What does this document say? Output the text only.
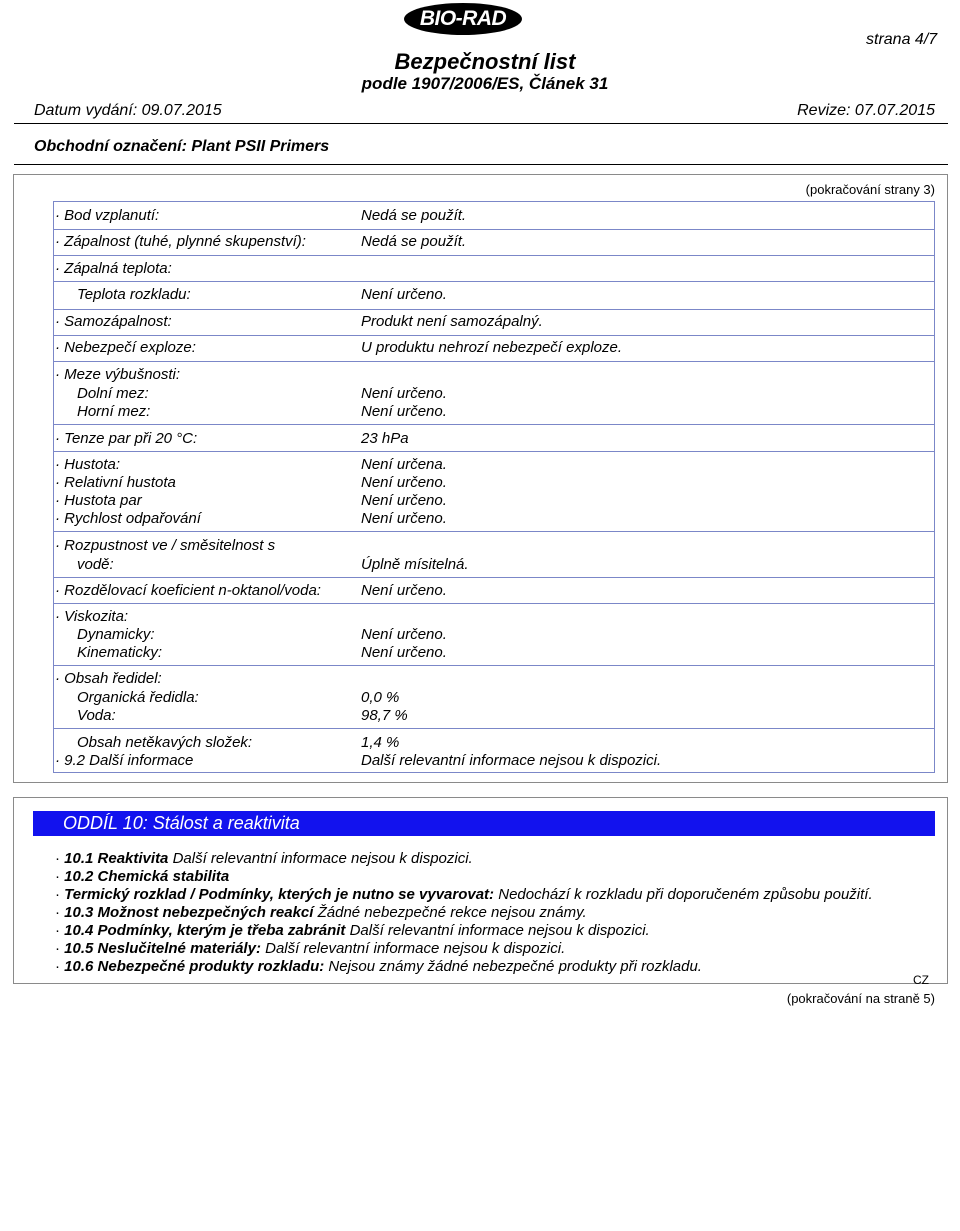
BIO-RAD
strana 4/7
Bezpečnostní list
podle 1907/2006/ES, Článek 31
Datum vydání: 09.07.2015	Revize: 07.07.2015
Obchodní označení: Plant PSII Primers
(pokračování strany 3)
· Bod vzplanutí:	Nedá se použít.
· Zápalnost (tuhé, plynné skupenství):	Nedá se použít.
· Zápalná teplota:
Teplota rozkladu:	Není určeno.
· Samozápalnost:	Produkt není samozápalný.
· Nebezpečí exploze:	U produktu nehrozí nebezpečí exploze.
· Meze výbušnosti:
Dolní mez:	Není určeno.
Horní mez:	Není určeno.
· Tenze par při 20 °C:	23 hPa
· Hustota:	Není určena.
· Relativní hustota	Není určeno.
· Hustota par	Není určeno.
· Rychlost odpařování	Není určeno.
· Rozpustnost ve / směsitelnost s
vodě:	Úplně mísitelná.
· Rozdělovací koeficient n-oktanol/voda:	Není určeno.
· Viskozita:
Dynamicky:	Není určeno.
Kinematicky:	Není určeno.
· Obsah ředidel:
Organická ředidla:	0,0 %
Voda:	98,7 %
Obsah netěkavých složek:	1,4 %
· 9.2 Další informace	Další relevantní informace nejsou k dispozici.
ODDÍL 10: Stálost a reaktivita
· 10.1 Reaktivita Další relevantní informace nejsou k dispozici.
· 10.2 Chemická stabilita
· Termický rozklad / Podmínky, kterých je nutno se vyvarovat: Nedochází k rozkladu při doporučeném způsobu použití.
· 10.3 Možnost nebezpečných reakcí Žádné nebezpečné rekce nejsou známy.
· 10.4 Podmínky, kterým je třeba zabránit Další relevantní informace nejsou k dispozici.
· 10.5 Neslučitelné materiály: Další relevantní informace nejsou k dispozici.
· 10.6 Nebezpečné produkty rozkladu: Nejsou známy žádné nebezpečné produkty při rozkladu.
CZ
(pokračování na straně 5)
